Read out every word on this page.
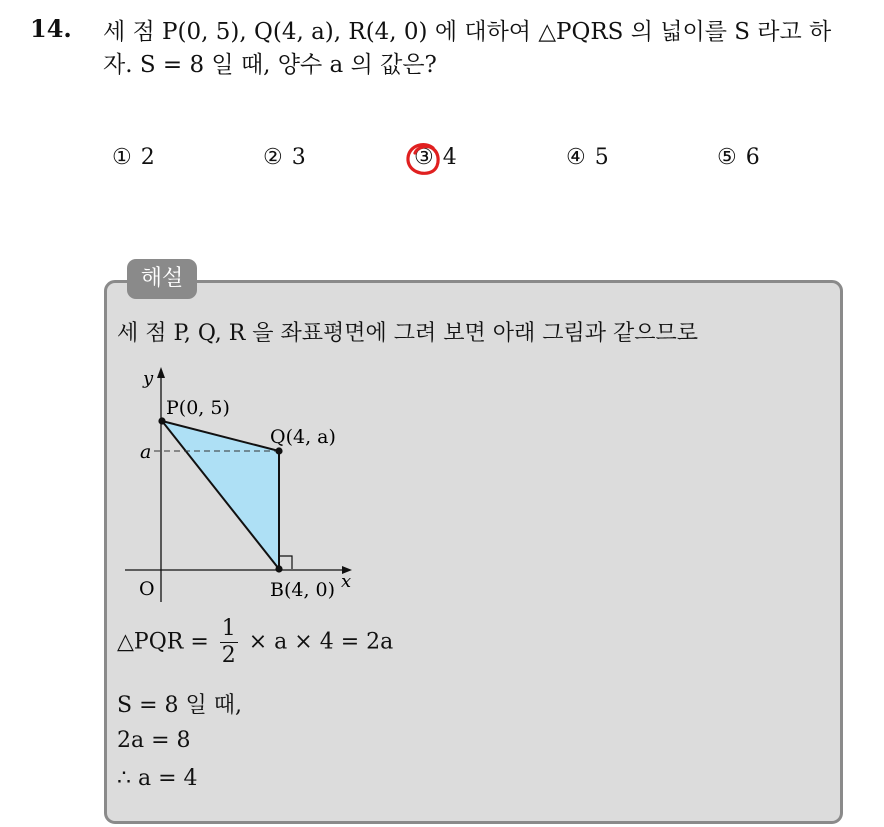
14. 세 점 P(0, 5), Q(4, a), R(4, 0) 에 대하여 △PQRS 의 넓이를 S 라고 하
자. S = 8 일 때, 양수 a 의 값은?
① 2	② 3	③ 4	④ 5	⑤ 6
해설
세 점 P, Q, R 을 좌표평면에 그려 보면 아래 그림과 같으므로
y
x
O
a
P(0, 5)
Q(4, a)
B(4, 0)
△PQR = $\frac{1}{2} \times a \times 4 = 2a$
S = 8 일 때,
2a = 8
∴ a = 4
